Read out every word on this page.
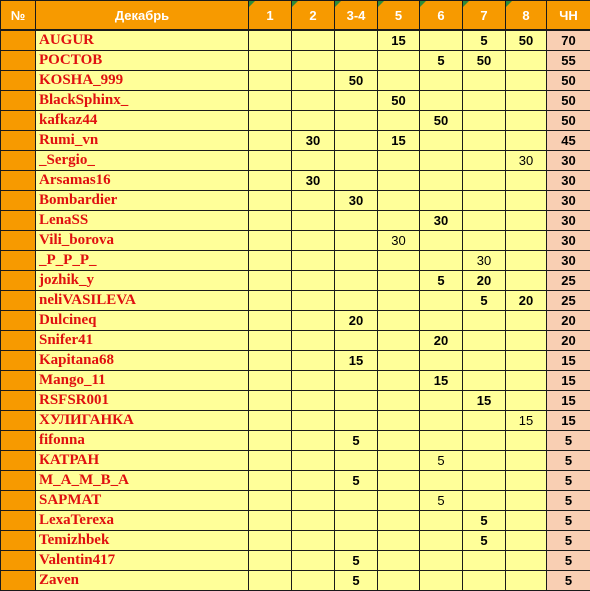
№	Декабрь	1	2	3-4	5	6	7	8	ЧН
	AUGUR				15		5	50	70
	РОСТОВ					5	50		55
	KOSHA_999			50					50
	BlackSphinx_				50				50
	kafkaz44					50			50
	Rumi_vn		30		15				45
	_Sergio_							30	30
	Arsamas16		30						30
	Bombardier			30					30
	LenaSS					30			30
	Vili_borova				30				30
	_P_P_P_						30		30
	jozhik_y					5	20		25
	neliVASILEVA						5	20	25
	Dulcineq			20					20
	Snifer41					20			20
	Kapitana68			15					15
	Mango_11					15			15
	RSFSR001						15		15
	ХУЛИГАНКА							15	15
	fifonna			5					5
	КАТРАН					5			5
	M_A_M_B_A			5					5
	SAPMAT					5			5
	LexaTerexa						5		5
	Temizhbek						5		5
	Valentin417			5					5
	Zaven			5					5
